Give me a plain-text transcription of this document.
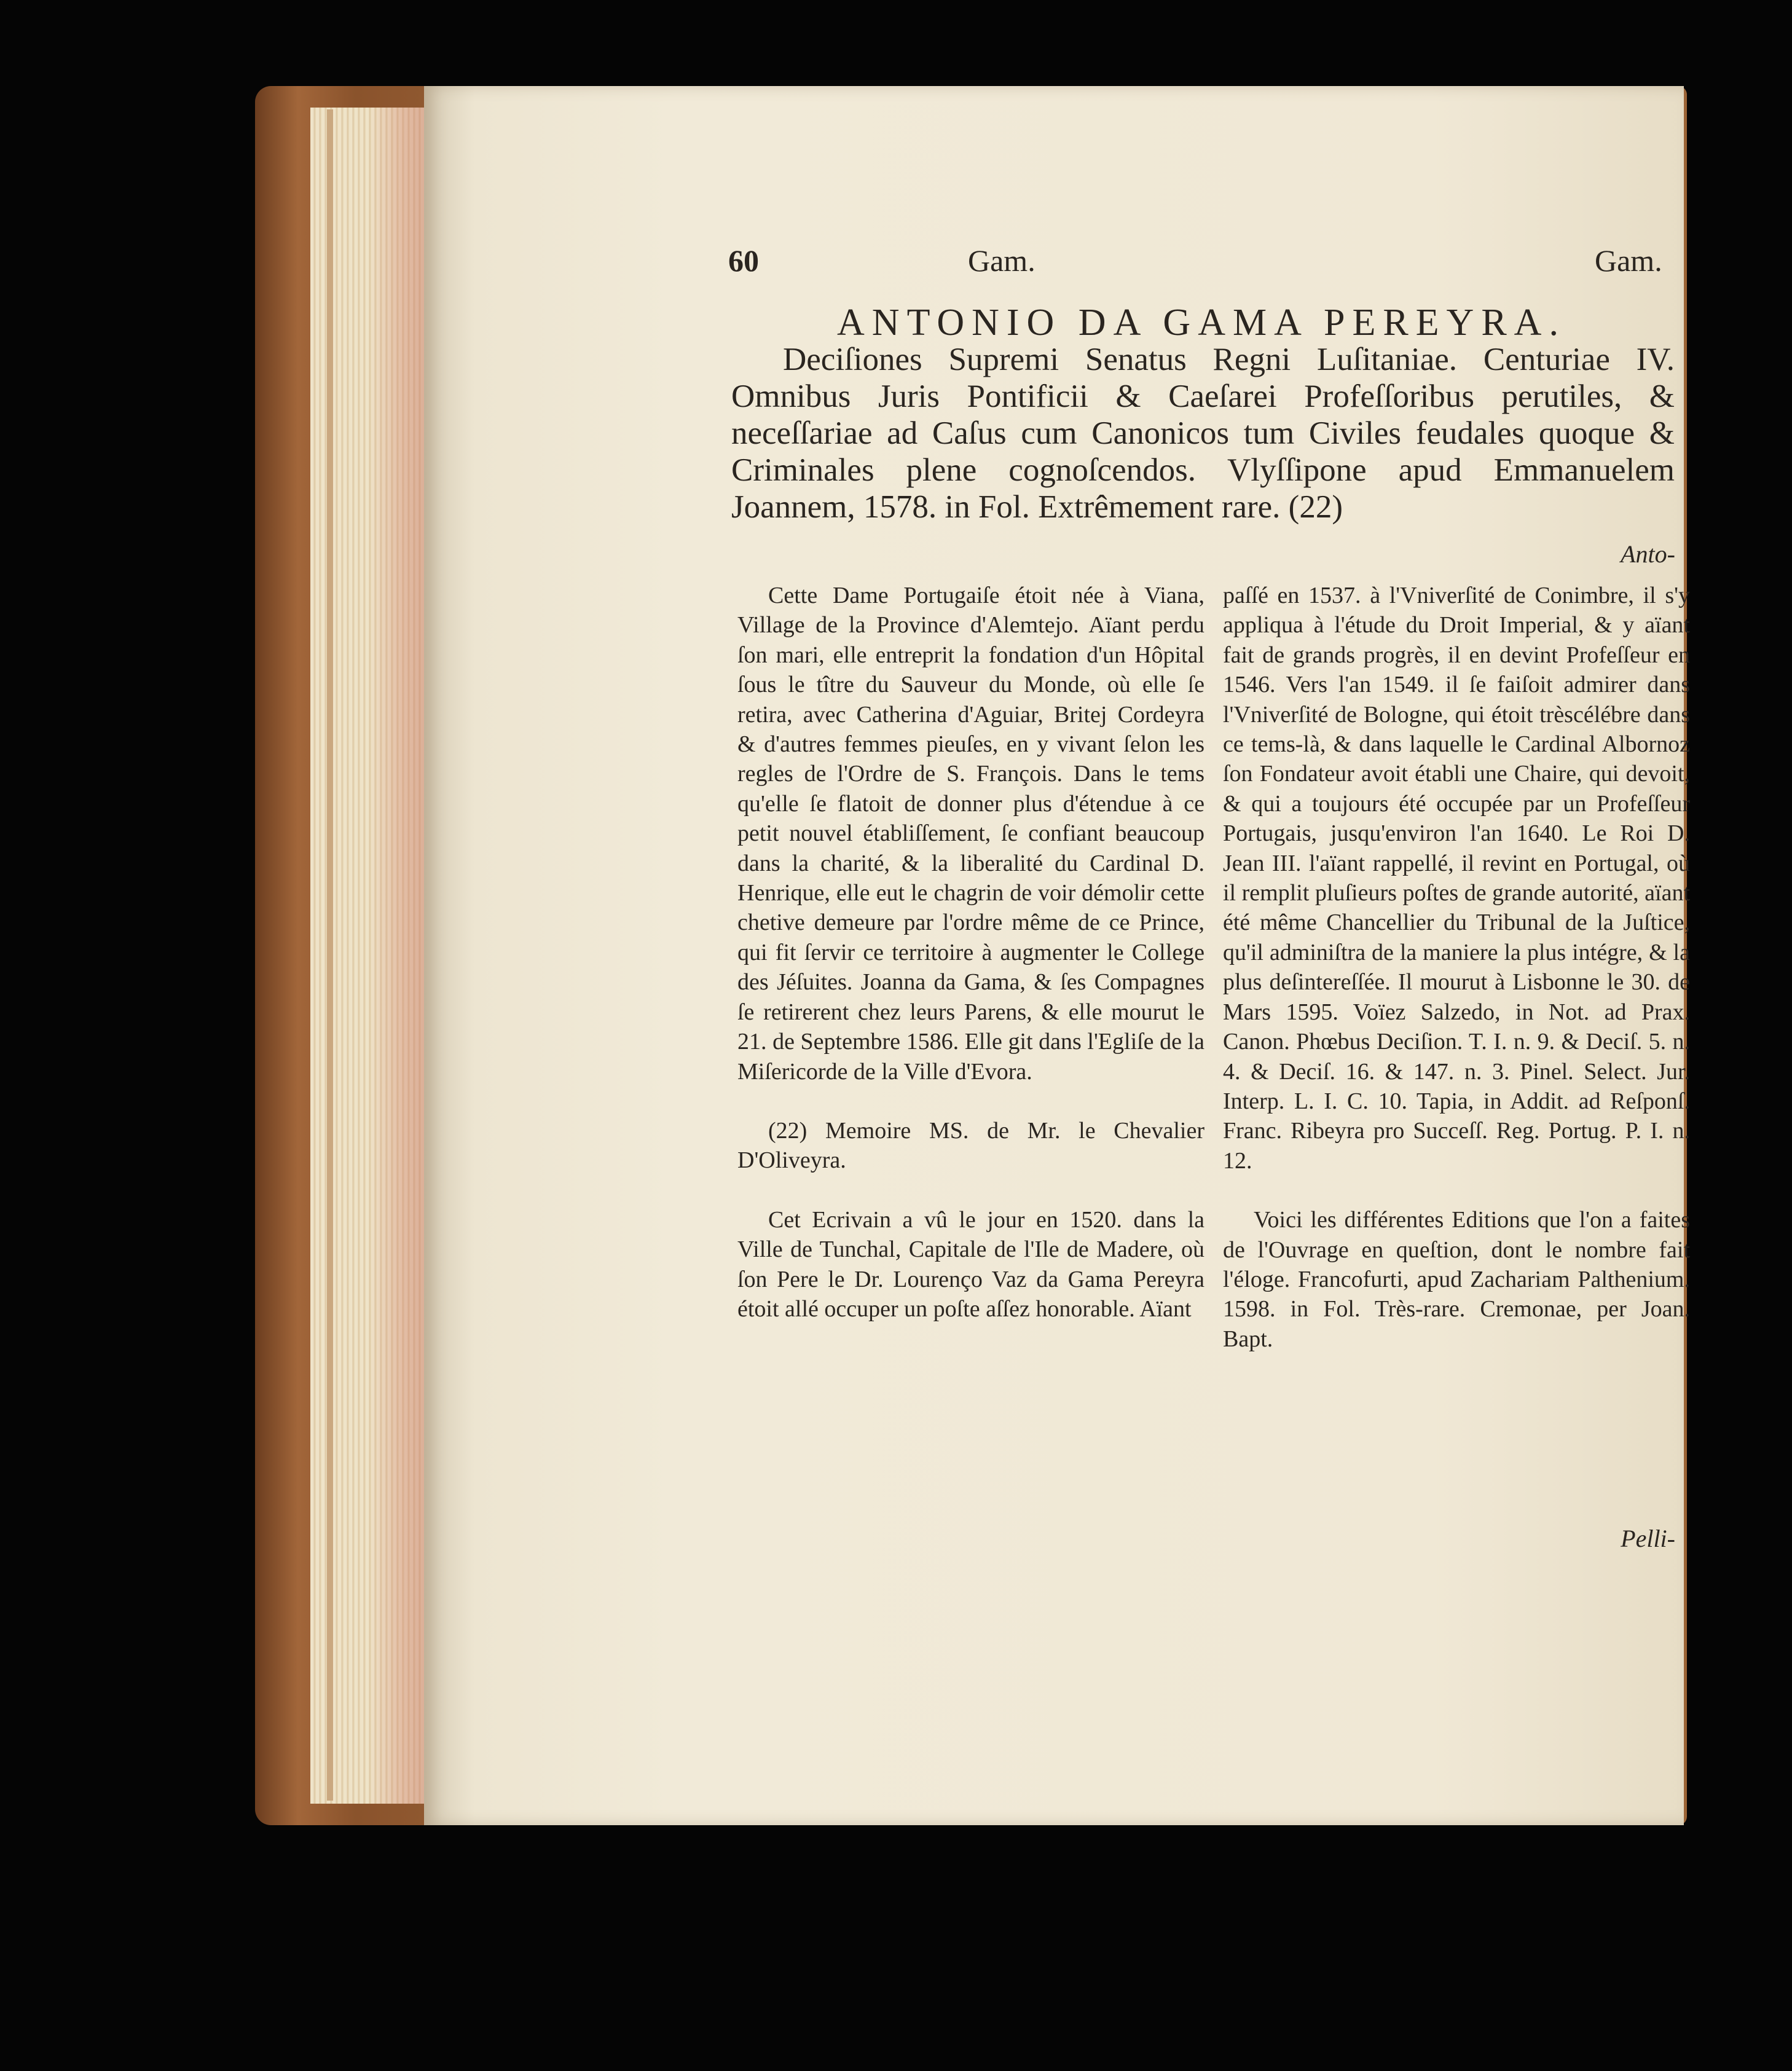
60	Gam.	Gam.
ANTONIO DA GAMA PEREYRA.

Deciſiones Supremi Senatus Regni Luſitaniae. Centuriae IV. Omnibus Juris Pontificii & Caeſarei Profeſſoribus perutiles, & neceſſariae ad Caſus cum Canonicos tum Civiles feudales quoque & Criminales plene cognoſcendos. Vlyſſipone apud Emmanuelem Joannem, 1578. in Fol. Extrêmement rare. (22)

Anto-

Cette Dame Portugaiſe étoit née à Viana, Village de la Province d'Alemtejo. Aïant perdu ſon mari, elle entreprit la fondation d'un Hôpital ſous le tître du Sauveur du Monde, où elle ſe retira, avec Catherina d'Aguiar, Britej Cordeyra & d'autres femmes pieuſes, en y vivant ſelon les regles de l'Ordre de S. François. Dans le tems qu'elle ſe flatoit de donner plus d'étendue à ce petit nouvel établiſſement, ſe confiant beaucoup dans la charité, & la liberalité du Cardinal D. Henrique, elle eut le chagrin de voir démolir cette chetive demeure par l'ordre même de ce Prince, qui fit ſervir ce territoire à augmenter le College des Jéſuites. Joanna da Gama, & ſes Compagnes ſe retirerent chez leurs Parens, & elle mourut le 21. de Septembre 1586. Elle git dans l'Egliſe de la Miſericorde de la Ville d'Evora.

(22) Memoire MS. de Mr. le Chevalier D'Oliveyra.

Cet Ecrivain a vû le jour en 1520. dans la Ville de Tunchal, Capitale de l'Ile de Madere, où ſon Pere le Dr. Lourenço Vaz da Gama Pereyra étoit allé occuper un poſte aſſez honorable. Aïant

paſſé en 1537. à l'Vniverſité de Conimbre, il s'y appliqua à l'étude du Droit Imperial, & y aïant fait de grands progrès, il en devint Profeſſeur en 1546. Vers l'an 1549. il ſe faiſoit admirer dans l'Vniverſité de Bologne, qui étoit trèscélébre dans ce tems-là, & dans laquelle le Cardinal Albornoz ſon Fondateur avoit établi une Chaire, qui devoit, & qui a toujours été occupée par un Profeſſeur Portugais, jusqu'environ l'an 1640. Le Roi D. Jean III. l'aïant rappellé, il revint en Portugal, où il remplit pluſieurs poſtes de grande autorité, aïant été même Chancellier du Tribunal de la Juſtice, qu'il adminiſtra de la maniere la plus intégre, & la plus deſintereſſée. Il mourut à Lisbonne le 30. de Mars 1595. Voïez Salzedo, in Not. ad Prax. Canon. Phœbus Deciſion. T. I. n. 9. & Deciſ. 5. n. 4. & Deciſ. 16. & 147. n. 3. Pinel. Select. Jur. Interp. L. I. C. 10. Tapia, in Addit. ad Reſponſ. Franc. Ribeyra pro Succeſſ. Reg. Portug. P. I. n. 12.

Voici les différentes Editions que l'on a faites de l'Ouvrage en queſtion, dont le nombre fait l'éloge. Francofurti, apud Zachariam Palthenium. 1598. in Fol. Très-rare. Cremonae, per Joan. Bapt.

Pelli-
